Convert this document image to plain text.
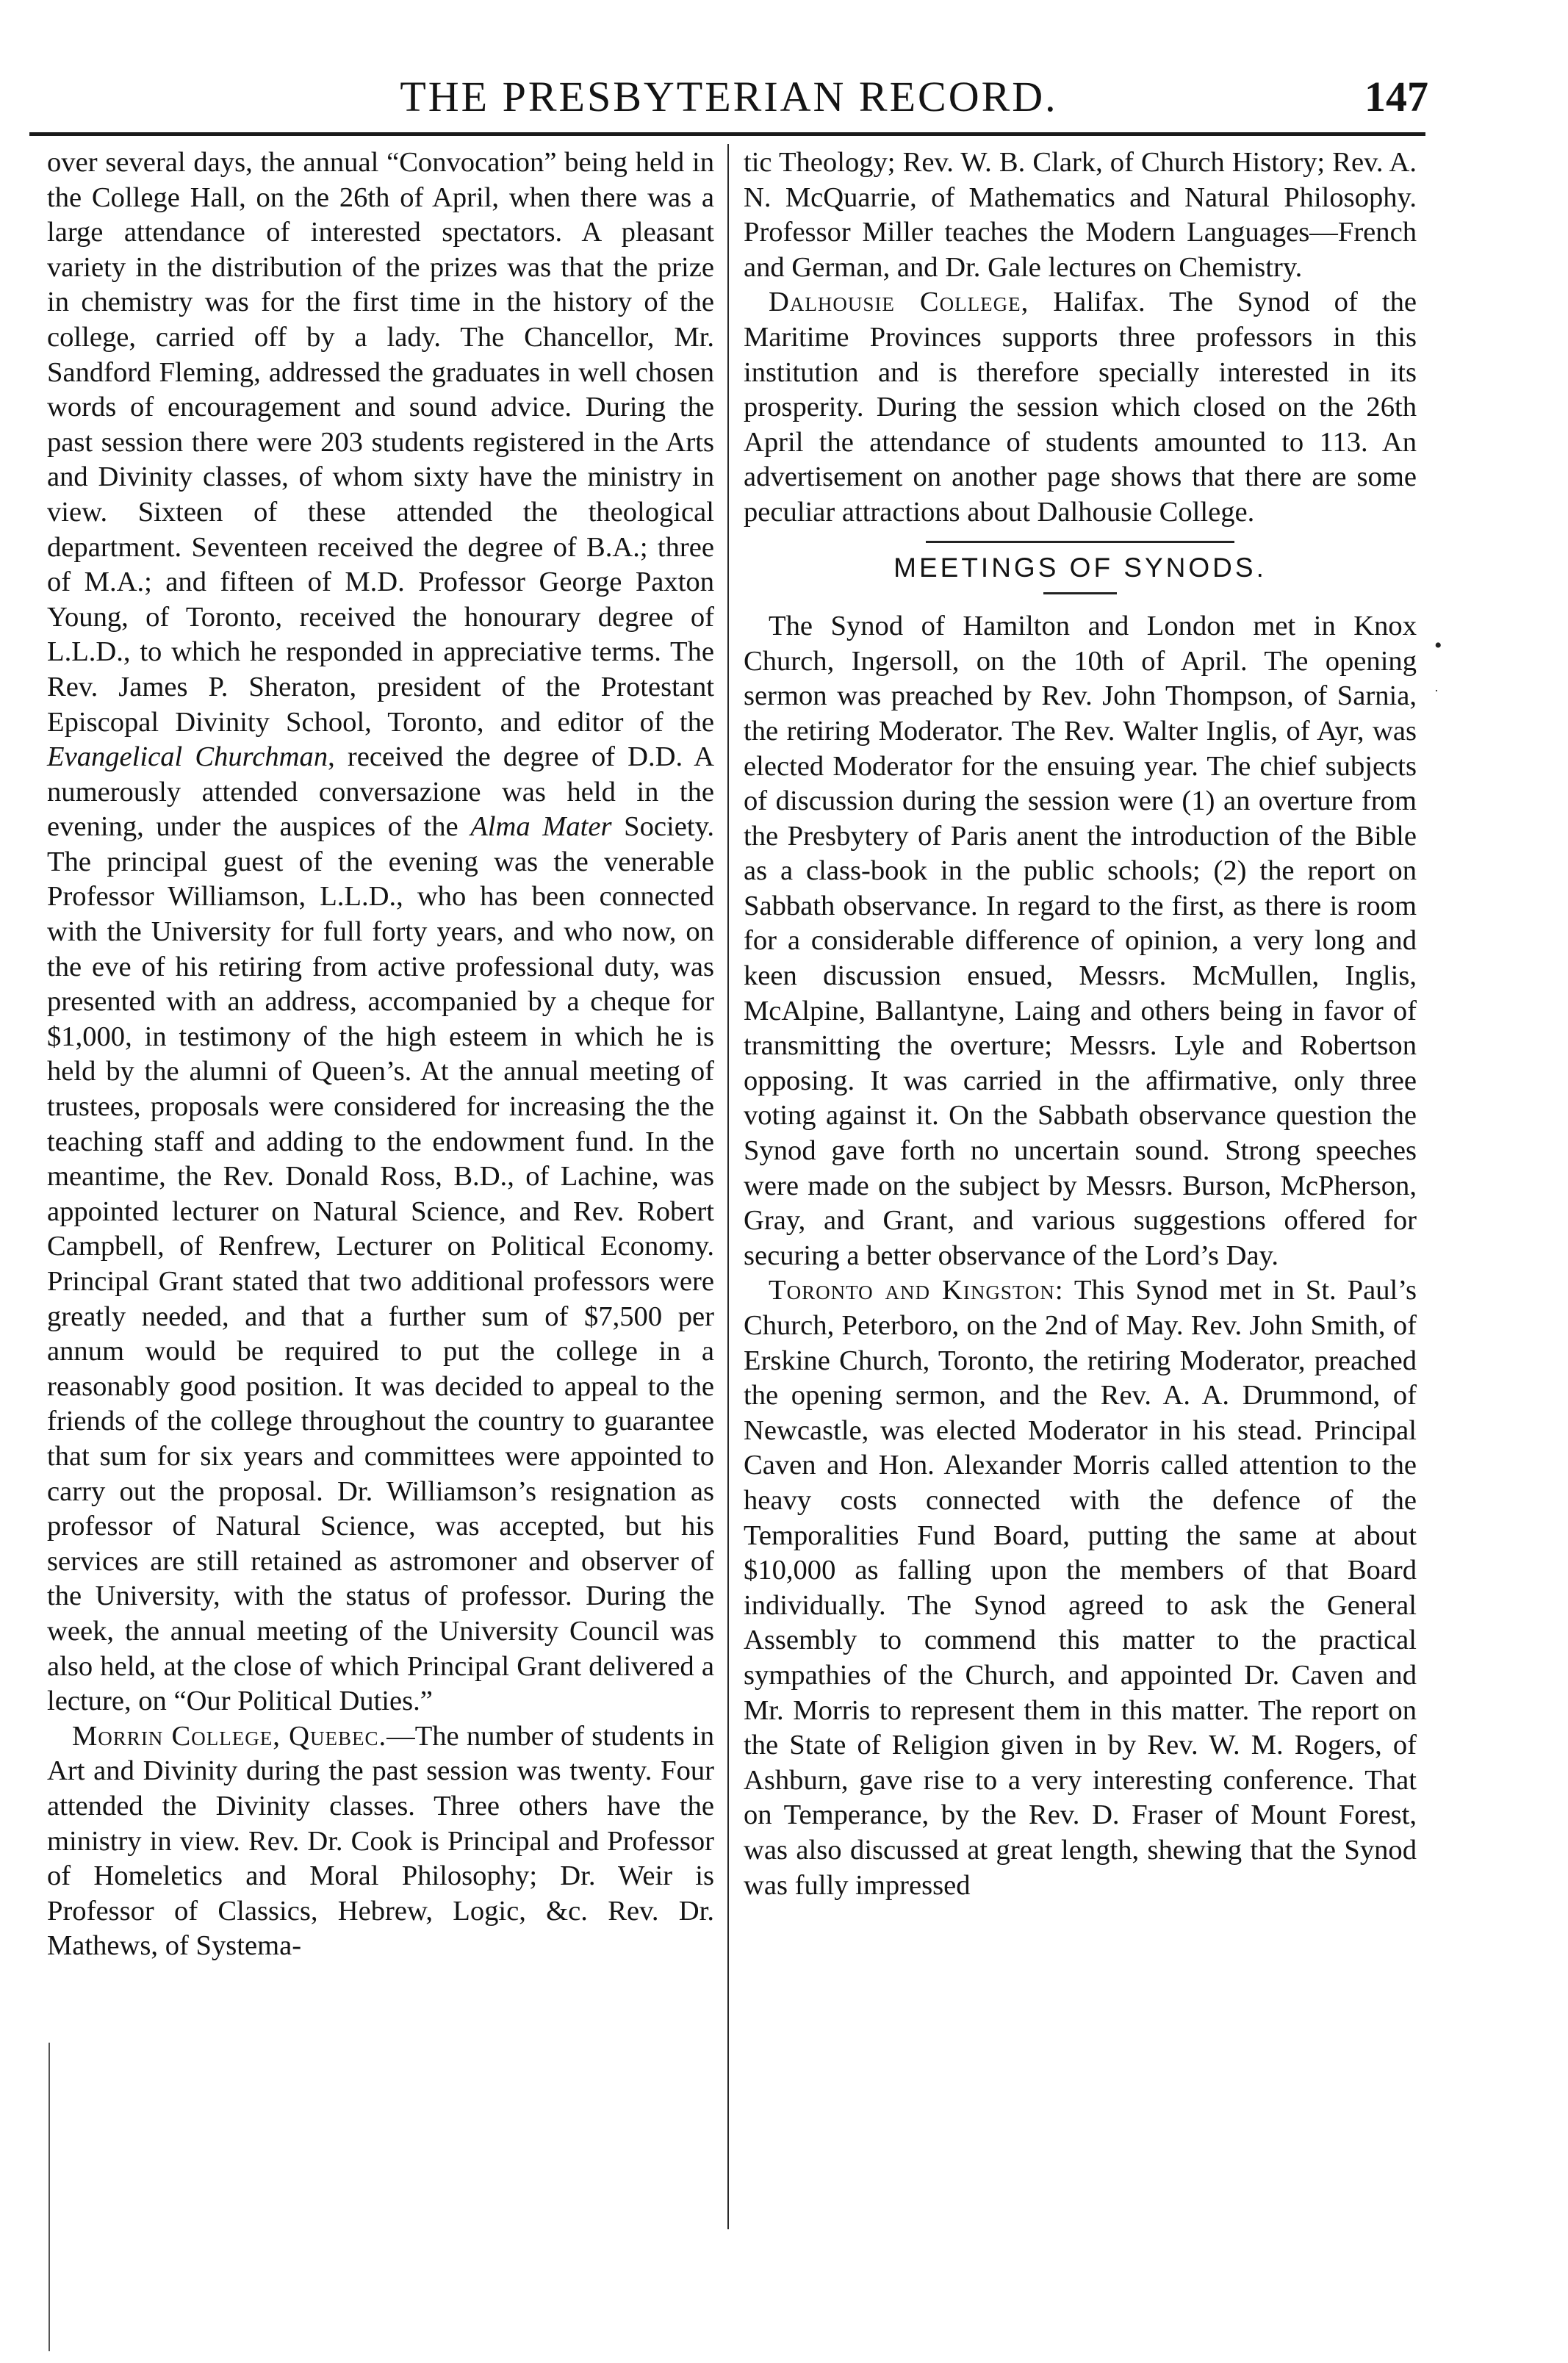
THE PRESBYTERIAN RECORD.	147

over several days, the annual “Convocation” being held in the College Hall, on the 26th of April, when there was a large attendance of interested spectators. A pleasant variety in the distribution of the prizes was that the prize in chemistry was for the first time in the history of the college, carried off by a lady. The Chancellor, Mr. Sandford Fleming, addressed the graduates in well chosen words of encouragement and sound advice. During the past session there were 203 students registered in the Arts and Divinity classes, of whom sixty have the ministry in view. Sixteen of these attended the theological department. Seventeen received the degree of B.A.; three of M.A.; and fifteen of M.D. Professor George Paxton Young, of Toronto, received the honourary degree of L.L.D., to which he responded in appreciative terms. The Rev. James P. Sheraton, president of the Protestant Episcopal Divinity School, Toronto, and editor of the Evangelical Churchman, received the degree of D.D. A numerously attended conversazione was held in the evening, under the auspices of the Alma Mater Society. The principal guest of the evening was the venerable Professor Williamson, L.L.D., who has been connected with the University for full forty years, and who now, on the eve of his retiring from active professional duty, was presented with an address, accompanied by a cheque for $1,000, in testimony of the high esteem in which he is held by the alumni of Queen’s. At the annual meeting of trustees, proposals were considered for increasing the the teaching staff and adding to the endowment fund. In the meantime, the Rev. Donald Ross, B.D., of Lachine, was appointed lecturer on Natural Science, and Rev. Robert Campbell, of Renfrew, Lecturer on Political Economy. Principal Grant stated that two additional professors were greatly needed, and that a further sum of $7,500 per annum would be required to put the college in a reasonably good position. It was decided to appeal to the friends of the college throughout the country to guarantee that sum for six years and committees were appointed to carry out the proposal. Dr. Williamson’s resignation as professor of Natural Science, was accepted, but his services are still retained as astromoner and observer of the University, with the status of professor. During the week, the annual meeting of the University Council was also held, at the close of which Principal Grant delivered a lecture, on “Our Political Duties.”

Morrin College, Quebec.—The number of students in Art and Divinity during the past session was twenty. Four attended the Divinity classes. Three others have the ministry in view. Rev. Dr. Cook is Principal and Professor of Homeletics and Moral Philosophy; Dr. Weir is Professor of Classics, Hebrew, Logic, &c. Rev. Dr. Mathews, of Systema-

tic Theology; Rev. W. B. Clark, of Church History; Rev. A. N. McQuarrie, of Mathematics and Natural Philosophy. Professor Miller teaches the Modern Languages—French and German, and Dr. Gale lectures on Chemistry.

Dalhousie College, Halifax. The Synod of the Maritime Provinces supports three professors in this institution and is therefore specially interested in its prosperity. During the session which closed on the 26th April the attendance of students amounted to 113. An advertisement on another page shows that there are some peculiar attractions about Dalhousie College.

MEETINGS OF SYNODS.

The Synod of Hamilton and London met in Knox Church, Ingersoll, on the 10th of April. The opening sermon was preached by Rev. John Thompson, of Sarnia, the retiring Moderator. The Rev. Walter Inglis, of Ayr, was elected Moderator for the ensuing year. The chief subjects of discussion during the session were (1) an overture from the Presbytery of Paris anent the introduction of the Bible as a class-book in the public schools; (2) the report on Sabbath observance. In regard to the first, as there is room for a considerable difference of opinion, a very long and keen discussion ensued, Messrs. McMullen, Inglis, McAlpine, Ballantyne, Laing and others being in favor of transmitting the overture; Messrs. Lyle and Robertson opposing. It was carried in the affirmative, only three voting against it. On the Sabbath observance question the Synod gave forth no uncertain sound. Strong speeches were made on the subject by Messrs. Burson, McPherson, Gray, and Grant, and various suggestions offered for securing a better observance of the Lord’s Day.

Toronto and Kingston: This Synod met in St. Paul’s Church, Peterboro, on the 2nd of May. Rev. John Smith, of Erskine Church, Toronto, the retiring Moderator, preached the opening sermon, and the Rev. A. A. Drummond, of Newcastle, was elected Moderator in his stead. Principal Caven and Hon. Alexander Morris called attention to the heavy costs connected with the defence of the Temporalities Fund Board, putting the same at about $10,000 as falling upon the members of that Board individually. The Synod agreed to ask the General Assembly to commend this matter to the practical sympathies of the Church, and appointed Dr. Caven and Mr. Morris to represent them in this matter. The report on the State of Religion given in by Rev. W. M. Rogers, of Ashburn, gave rise to a very interesting conference. That on Temperance, by the Rev. D. Fraser of Mount Forest, was also discussed at great length, shewing that the Synod was fully impressed

•
·
